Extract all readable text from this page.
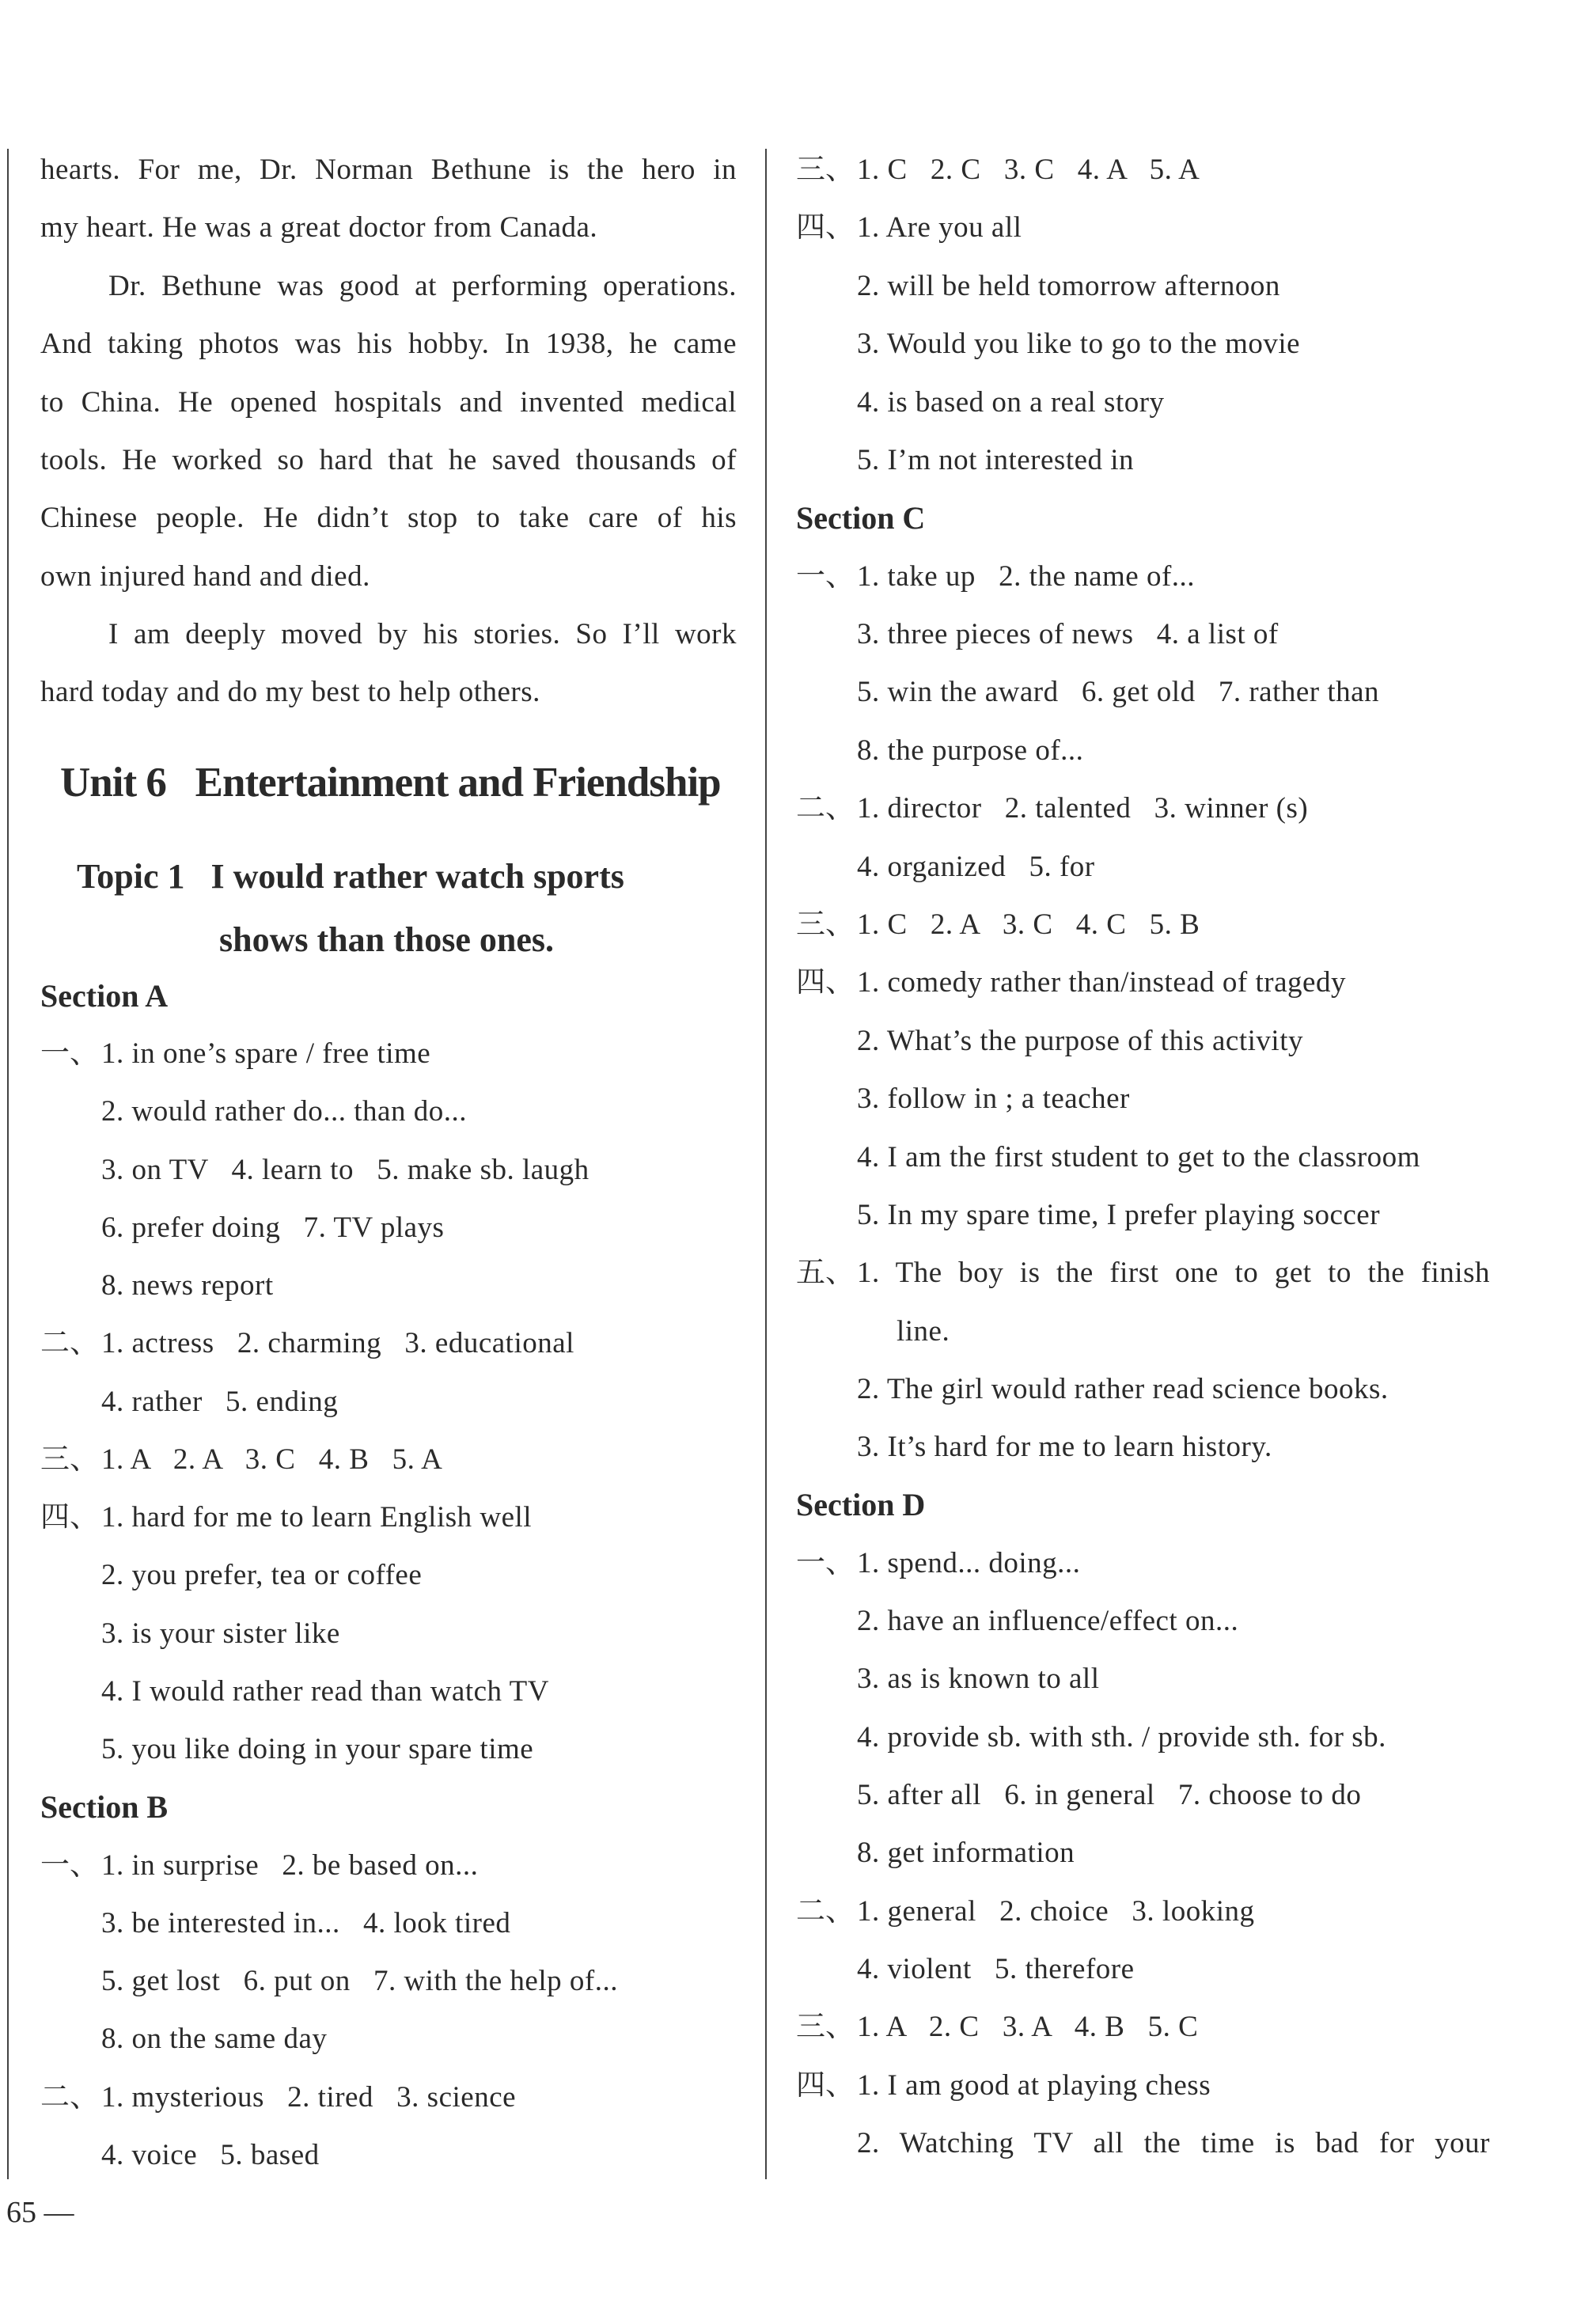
hearts. For me, Dr. Norman Bethune is the hero in
my heart. He was a great doctor from Canada.
Dr. Bethune was good at performing operations.
And taking photos was his hobby. In 1938, he came
to China. He opened hospitals and invented medical
tools. He worked so hard that he saved thousands of
Chinese people. He didn’t stop to take care of his
own injured hand and died.
I am deeply moved by his stories. So I’ll work
hard today and do my best to help others.
Unit 6   Entertainment and Friendship
Topic 1   I would rather watch sports
shows than those ones.
Section A
一、 1. in one’s spare / free time
2. would rather do... than do...
3. on TV   4. learn to   5. make sb. laugh
6. prefer doing   7. TV plays
8. news report
二、 1. actress   2. charming   3. educational
4. rather   5. ending
三、 1. A   2. A   3. C   4. B   5. A
四、 1. hard for me to learn English well
2. you prefer, tea or coffee
3. is your sister like
4. I would rather read than watch TV
5. you like doing in your spare time
Section B
一、 1. in surprise   2. be based on...
3. be interested in...   4. look tired
5. get lost   6. put on   7. with the help of...
8. on the same day
二、 1. mysterious   2. tired   3. science
4. voice   5. based
65 —
三、 1. C   2. C   3. C   4. A   5. A
四、 1. Are you all
2. will be held tomorrow afternoon
3. Would you like to go to the movie
4. is based on a real story
5. I’m not interested in
Section C
一、 1. take up   2. the name of...
3. three pieces of news   4. a list of
5. win the award   6. get old   7. rather than
8. the purpose of...
二、 1. director   2. talented   3. winner (s)
4. organized   5. for
三、 1. C   2. A   3. C   4. C   5. B
四、 1. comedy rather than/instead of tragedy
2. What’s the purpose of this activity
3. follow in ; a teacher
4. I am the first student to get to the classroom
5. In my spare time, I prefer playing soccer
五、 1. The boy is the first one to get to the finish
line.
2. The girl would rather read science books.
3. It’s hard for me to learn history.
Section D
一、 1. spend... doing...
2. have an influence/effect on...
3. as is known to all
4. provide sb. with sth. / provide sth. for sb.
5. after all   6. in general   7. choose to do
8. get information
二、 1. general   2. choice   3. looking
4. violent   5. therefore
三、 1. A   2. C   3. A   4. B   5. C
四、 1. I am good at playing chess
2. Watching TV all the time is bad for your
